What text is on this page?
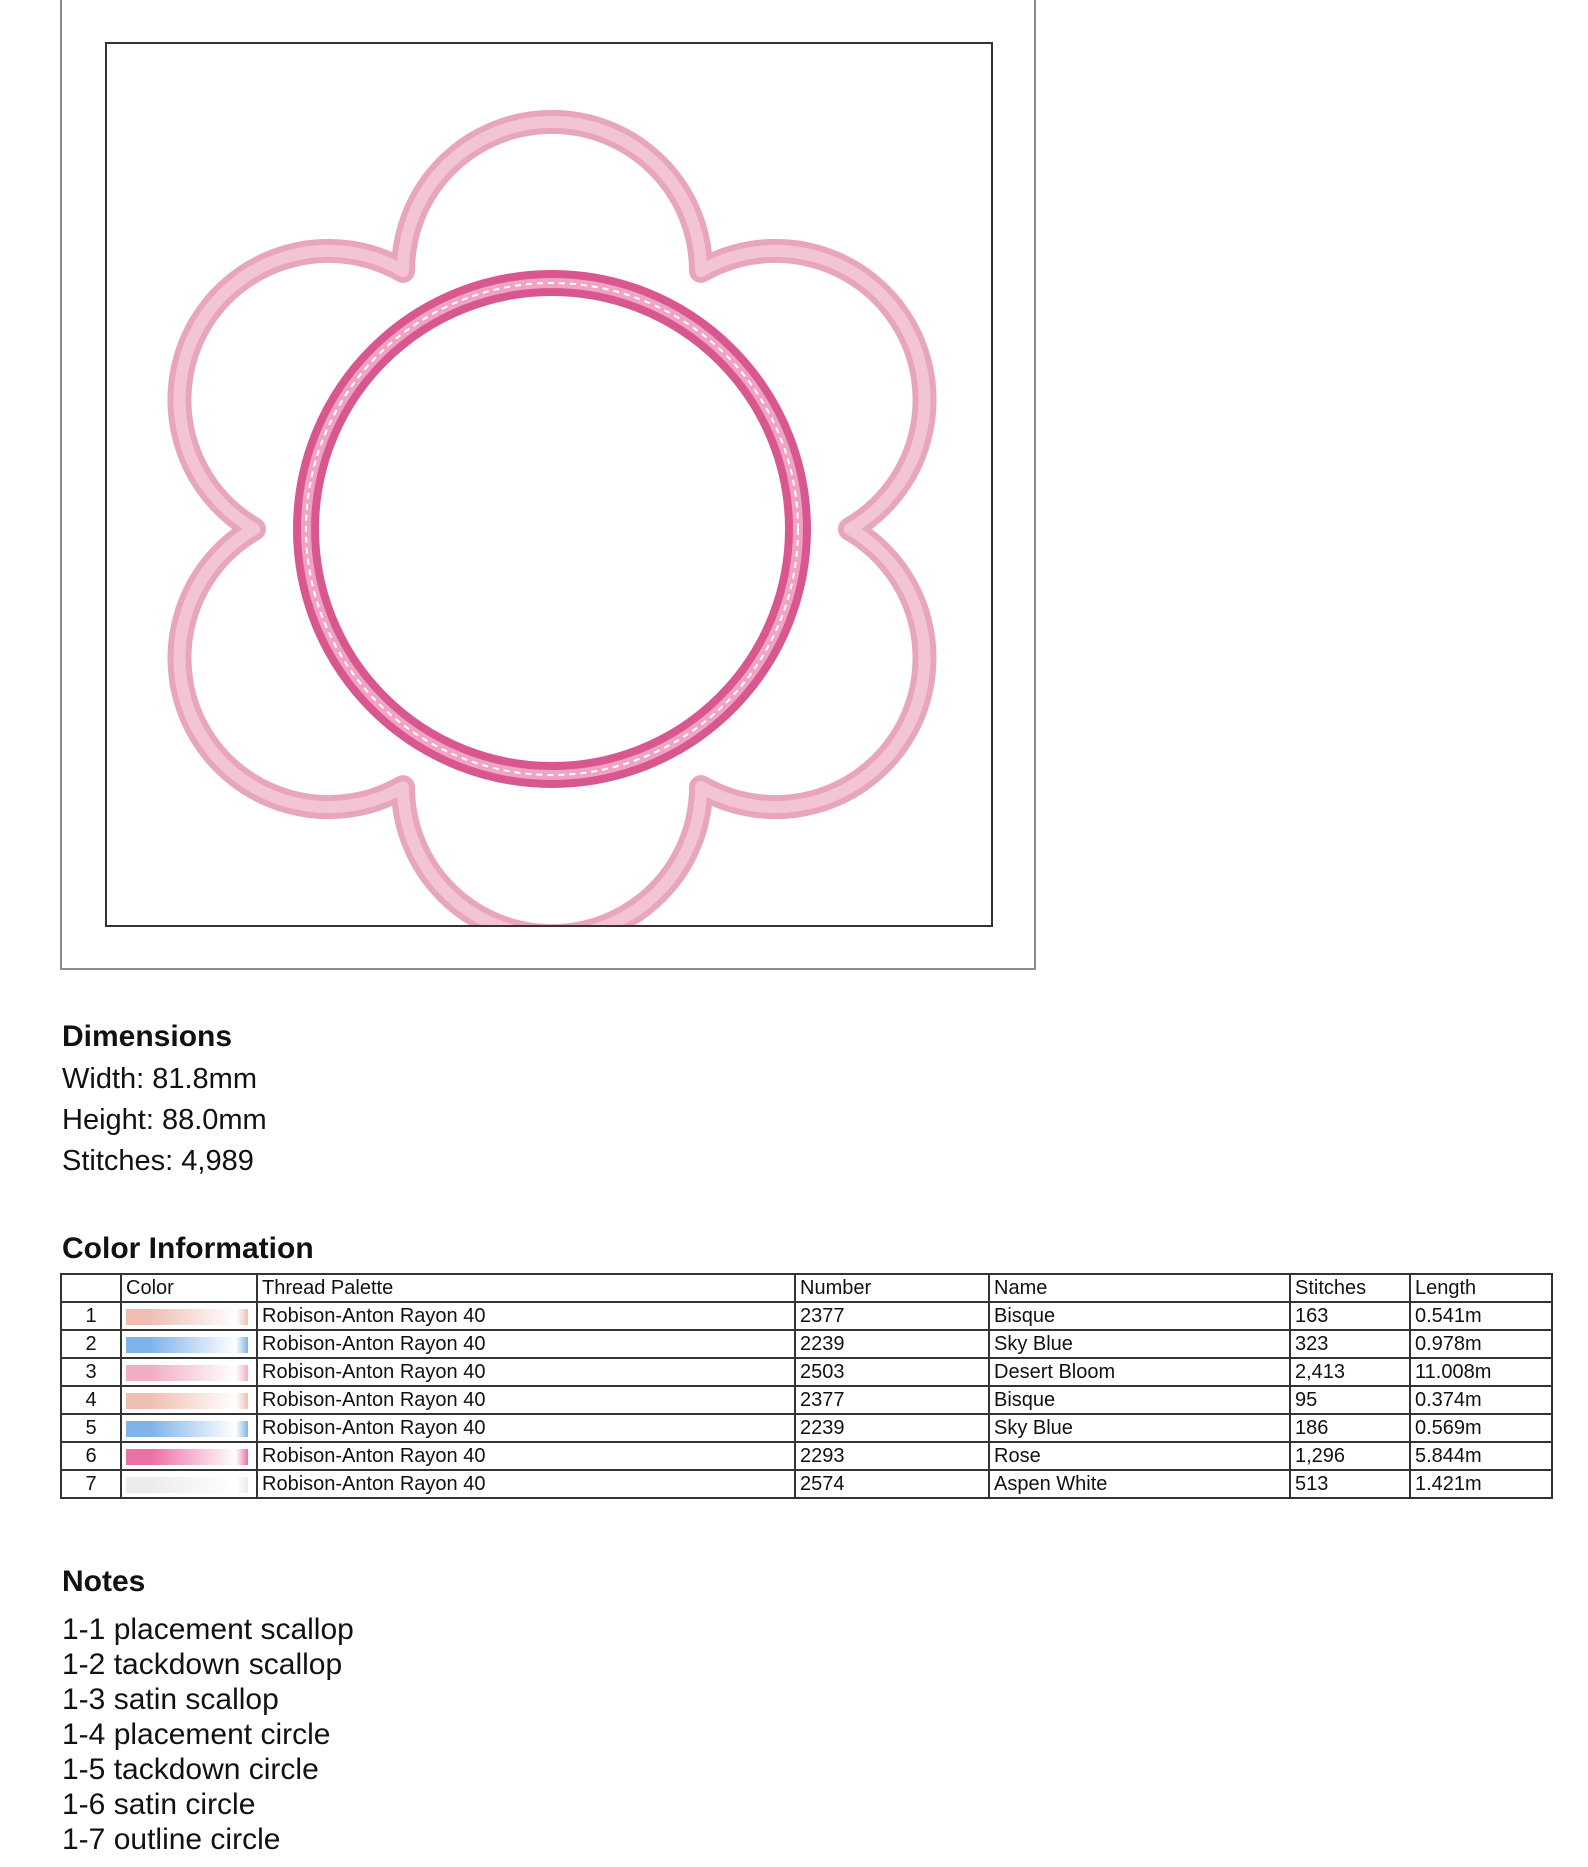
Dimensions

Width: 81.8mm

Height: 88.0mm

Stitches: 4,989

Color Information
	Color	Thread Palette	Number	Name	Stitches	Length
1		Robison-Anton Rayon 40	2377	Bisque	163	0.541m
2		Robison-Anton Rayon 40	2239	Sky Blue	323	0.978m
3		Robison-Anton Rayon 40	2503	Desert Bloom	2,413	11.008m
4		Robison-Anton Rayon 40	2377	Bisque	95	0.374m
5		Robison-Anton Rayon 40	2239	Sky Blue	186	0.569m
6		Robison-Anton Rayon 40	2293	Rose	1,296	5.844m
7		Robison-Anton Rayon 40	2574	Aspen White	513	1.421m
Notes

1-1 placement scallop

1-2 tackdown scallop

1-3 satin scallop

1-4 placement circle

1-5 tackdown circle

1-6 satin circle

1-7 outline circle
